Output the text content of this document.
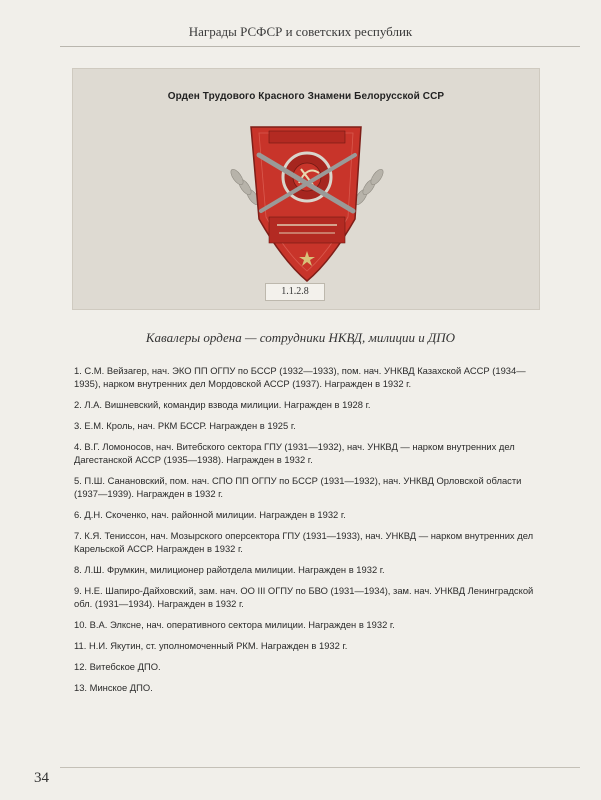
Награды РСФСР и советских республик
Орден Трудового Красного Знамени Белорусской ССР
1.1.2.8
Кавалеры ордена — сотрудники НКВД, милиции и ДПО
1. С.М. Вейзагер, нач. ЭКО ПП ОГПУ по БССР (1932—1933), пом. нач. УНКВД Казахской АССР (1934—1935), нарком внутренних дел Мордовской АССР (1937). Награжден в 1932 г.
2. Л.А. Вишневский, командир взвода милиции. Награжден в 1928 г.
3. Е.М. Кроль, нач. РКМ БССР. Награжден в 1925 г.
4. В.Г. Ломоносов, нач. Витебского сектора ГПУ (1931—1932), нач. УНКВД — нарком внутренних дел Дагестанской АССР (1935—1938). Награжден в 1932 г.
5. П.Ш. Санановский, пом. нач. СПО ПП ОГПУ по БССР (1931—1932), нач. УНКВД Орловской области (1937—1939). Награжден в 1932 г.
6. Д.Н. Скоченко, нач. районной милиции. Награжден в 1932 г.
7. К.Я. Тениссон, нач. Мозырского оперсектора ГПУ (1931—1933), нач. УНКВД — нарком внутренних дел Карельской АССР. Награжден в 1932 г.
8. Л.Ш. Фрумкин, милиционер райотдела милиции. Награжден в 1932 г.
9. Н.Е. Шапиро-Дайховский, зам. нач. ОО III ОГПУ по БВО (1931—1934), зам. нач. УНКВД Ленинградской обл. (1931—1934). Награжден в 1932 г.
10. В.А. Элксне, нач. оперативного сектора милиции. Награжден в 1932 г.
11. Н.И. Якутин, ст. уполномоченный РКМ. Награжден в 1932 г.
12. Витебское ДПО.
13. Минское ДПО.
34
